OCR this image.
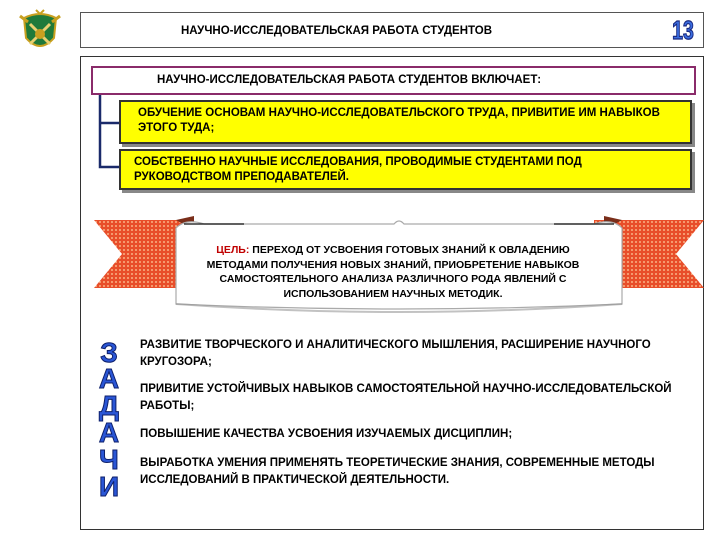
НАУЧНО-ИССЛЕДОВАТЕЛЬСКАЯ РАБОТА СТУДЕНТОВ	13
НАУЧНО-ИССЛЕДОВАТЕЛЬСКАЯ РАБОТА СТУДЕНТОВ ВКЛЮЧАЕТ:
ОБУЧЕНИЕ ОСНОВАМ НАУЧНО-ИССЛЕДОВАТЕЛЬСКОГО ТРУДА, ПРИВИТИЕ ИМ НАВЫКОВ ЭТОГО ТУДА;
СОБСТВЕННО НАУЧНЫЕ ИССЛЕДОВАНИЯ, ПРОВОДИМЫЕ СТУДЕНТАМИ ПОД РУКОВОДСТВОМ ПРЕПОДАВАТЕЛЕЙ.
ЦЕЛЬ: ПЕРЕХОД ОТ УСВОЕНИЯ ГОТОВЫХ ЗНАНИЙ К ОВЛАДЕНИЮ МЕТОДАМИ ПОЛУЧЕНИЯ НОВЫХ ЗНАНИЙ, ПРИОБРЕТЕНИЕ НАВЫКОВ САМОСТОЯТЕЛЬНОГО АНАЛИЗА РАЗЛИЧНОГО РОДА ЯВЛЕНИЙ С ИСПОЛЬЗОВАНИЕМ НАУЧНЫХ МЕТОДИК.
З
А
Д
А
Ч
И
РАЗВИТИЕ ТВОРЧЕСКОГО И АНАЛИТИЧЕСКОГО МЫШЛЕНИЯ, РАСШИРЕНИЕ НАУЧНОГО КРУГОЗОРА;
ПРИВИТИЕ УСТОЙЧИВЫХ НАВЫКОВ САМОСТОЯТЕЛЬНОЙ НАУЧНО-ИССЛЕДОВАТЕЛЬСКОЙ РАБОТЫ;
ПОВЫШЕНИЕ КАЧЕСТВА УСВОЕНИЯ ИЗУЧАЕМЫХ ДИСЦИПЛИН;
ВЫРАБОТКА УМЕНИЯ ПРИМЕНЯТЬ ТЕОРЕТИЧЕСКИЕ ЗНАНИЯ, СОВРЕМЕННЫЕ МЕТОДЫ ИССЛЕДОВАНИЙ В ПРАКТИЧЕСКОЙ ДЕЯТЕЛЬНОСТИ.
